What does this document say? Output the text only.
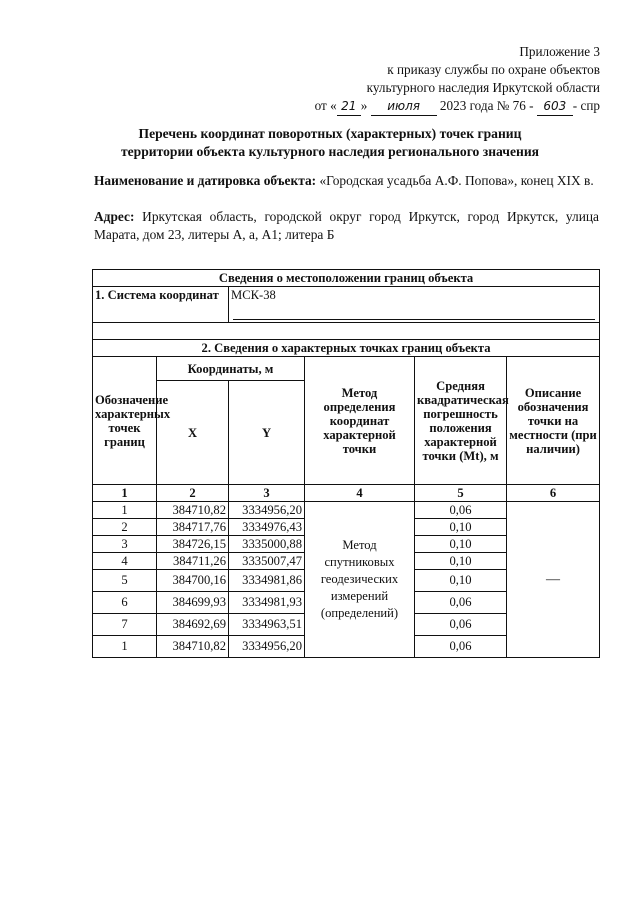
Приложение 3
к приказу службы по охране объектов
культурного наследия Иркутской области
от « 21 » июля 2023 года № 76 - 603 - спр
Перечень координат поворотных (характерных) точек границ
территории объекта культурного наследия регионального значения
Наименование и датировка объекта: «Городская усадьба А.Ф. Попова», конец XIX в.
Адрес: Иркутская область, городской округ город Иркутск, город Иркутск, улица Марата, дом 23, литеры А, а, А1; литера Б
Сведения о местоположении границ объекта					
1. Система координат		МСК-38			

2. Сведения о характерных точках границ объекта					
Обозначение характерных точек границ	Координаты, м		Метод определения координат характерной точки	Средняя квадратическая погрешность положения характерной точки (Mt), м	Описание обозначения точки на местности (при наличии)
	X	Y			
1	2	3	4	5	6
1	384710,82	3334956,20	Метод спутниковых геодезических измерений (определений)	0,06	—
2	384717,76	3334976,43		0,10	
3	384726,15	3335000,88		0,10	
4	384711,26	3335007,47		0,10	
5	384700,16	3334981,86		0,10	
6	384699,93	3334981,93		0,06	
7	384692,69	3334963,51		0,06	
1	384710,82	3334956,20		0,06	
